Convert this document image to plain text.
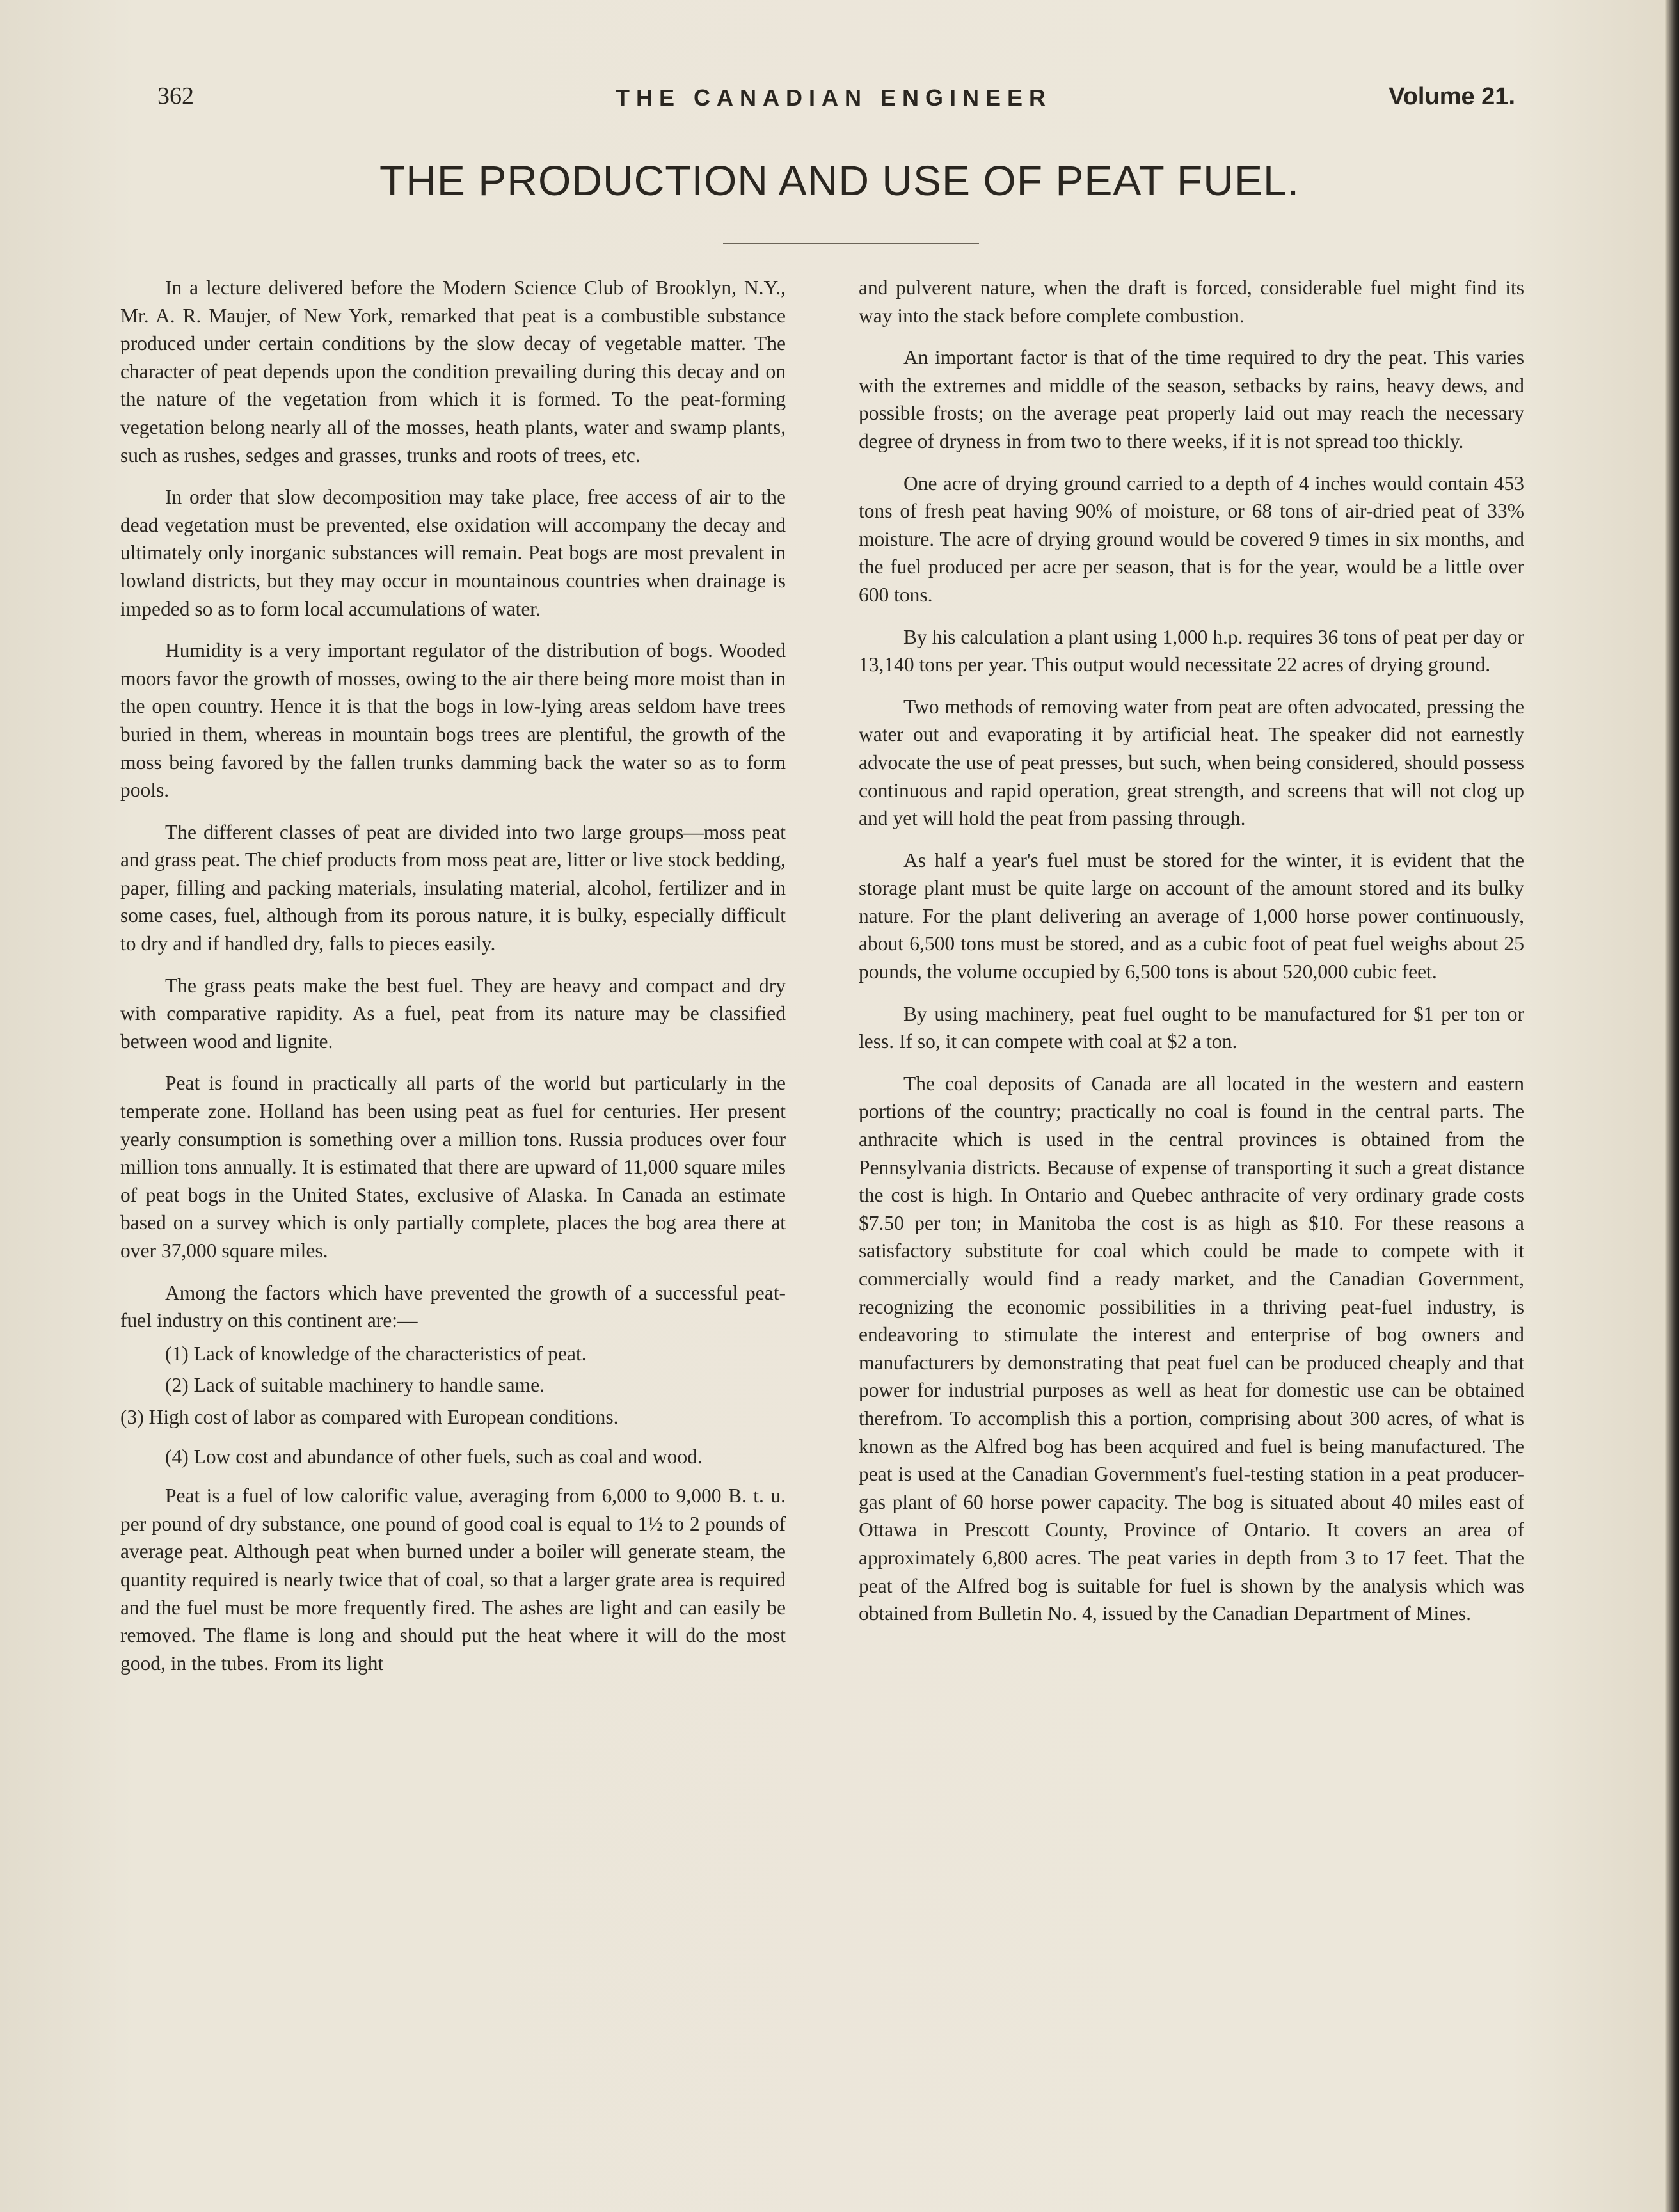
362	THE CANADIAN ENGINEER	Volume 21.
THE PRODUCTION AND USE OF PEAT FUEL.

In a lecture delivered before the Modern Science Club of Brooklyn, N.Y., Mr. A. R. Maujer, of New York, remarked that peat is a combustible substance produced under certain conditions by the slow decay of vegetable matter. The character of peat depends upon the condition prevailing during this decay and on the nature of the vegetation from which it is formed. To the peat-forming vegetation belong nearly all of the mosses, heath plants, water and swamp plants, such as rushes, sedges and grasses, trunks and roots of trees, etc.

In order that slow decomposition may take place, free access of air to the dead vegetation must be prevented, else oxidation will accompany the decay and ultimately only inorganic substances will remain. Peat bogs are most prevalent in lowland districts, but they may occur in mountainous countries when drainage is impeded so as to form local accumulations of water.

Humidity is a very important regulator of the distribution of bogs. Wooded moors favor the growth of mosses, owing to the air there being more moist than in the open country. Hence it is that the bogs in low-lying areas seldom have trees buried in them, whereas in mountain bogs trees are plentiful, the growth of the moss being favored by the fallen trunks damming back the water so as to form pools.

The different classes of peat are divided into two large groups—moss peat and grass peat. The chief products from moss peat are, litter or live stock bedding, paper, filling and packing materials, insulating material, alcohol, fertilizer and in some cases, fuel, although from its porous nature, it is bulky, especially difficult to dry and if handled dry, falls to pieces easily.

The grass peats make the best fuel. They are heavy and compact and dry with comparative rapidity. As a fuel, peat from its nature may be classified between wood and lignite.

Peat is found in practically all parts of the world but particularly in the temperate zone. Holland has been using peat as fuel for centuries. Her present yearly consumption is something over a million tons. Russia produces over four million tons annually. It is estimated that there are upward of 11,000 square miles of peat bogs in the United States, exclusive of Alaska. In Canada an estimate based on a survey which is only partially complete, places the bog area there at over 37,000 square miles.

Among the factors which have prevented the growth of a successful peat-fuel industry on this continent are:—

(1) Lack of knowledge of the characteristics of peat.

(2) Lack of suitable machinery to handle same.

(3) High cost of labor as compared with European conditions.

(4) Low cost and abundance of other fuels, such as coal and wood.

Peat is a fuel of low calorific value, averaging from 6,000 to 9,000 B. t. u. per pound of dry substance, one pound of good coal is equal to 1½ to 2 pounds of average peat. Although peat when burned under a boiler will generate steam, the quantity required is nearly twice that of coal, so that a larger grate area is required and the fuel must be more frequently fired. The ashes are light and can easily be removed. The flame is long and should put the heat where it will do the most good, in the tubes. From its light

and pulverent nature, when the draft is forced, considerable fuel might find its way into the stack before complete combustion.

An important factor is that of the time required to dry the peat. This varies with the extremes and middle of the season, setbacks by rains, heavy dews, and possible frosts; on the average peat properly laid out may reach the necessary degree of dryness in from two to there weeks, if it is not spread too thickly.

One acre of drying ground carried to a depth of 4 inches would contain 453 tons of fresh peat having 90% of moisture, or 68 tons of air-dried peat of 33% moisture. The acre of drying ground would be covered 9 times in six months, and the fuel produced per acre per season, that is for the year, would be a little over 600 tons.

By his calculation a plant using 1,000 h.p. requires 36 tons of peat per day or 13,140 tons per year. This output would necessitate 22 acres of drying ground.

Two methods of removing water from peat are often advocated, pressing the water out and evaporating it by artificial heat. The speaker did not earnestly advocate the use of peat presses, but such, when being considered, should possess continuous and rapid operation, great strength, and screens that will not clog up and yet will hold the peat from passing through.

As half a year's fuel must be stored for the winter, it is evident that the storage plant must be quite large on account of the amount stored and its bulky nature. For the plant delivering an average of 1,000 horse power continuously, about 6,500 tons must be stored, and as a cubic foot of peat fuel weighs about 25 pounds, the volume occupied by 6,500 tons is about 520,000 cubic feet.

By using machinery, peat fuel ought to be manufactured for $1 per ton or less. If so, it can compete with coal at $2 a ton.

The coal deposits of Canada are all located in the western and eastern portions of the country; practically no coal is found in the central parts. The anthracite which is used in the central provinces is obtained from the Pennsylvania districts. Because of expense of transporting it such a great distance the cost is high. In Ontario and Quebec anthracite of very ordinary grade costs $7.50 per ton; in Manitoba the cost is as high as $10. For these reasons a satisfactory substitute for coal which could be made to compete with it commercially would find a ready market, and the Canadian Government, recognizing the economic possibilities in a thriving peat-fuel industry, is endeavoring to stimulate the interest and enterprise of bog owners and manufacturers by demonstrating that peat fuel can be produced cheaply and that power for industrial purposes as well as heat for domestic use can be obtained therefrom. To accomplish this a portion, comprising about 300 acres, of what is known as the Alfred bog has been acquired and fuel is being manufactured. The peat is used at the Canadian Government's fuel-testing station in a peat producer-gas plant of 60 horse power capacity. The bog is situated about 40 miles east of Ottawa in Prescott County, Province of Ontario. It covers an area of approximately 6,800 acres. The peat varies in depth from 3 to 17 feet. That the peat of the Alfred bog is suitable for fuel is shown by the analysis which was obtained from Bulletin No. 4, issued by the Canadian Department of Mines.
